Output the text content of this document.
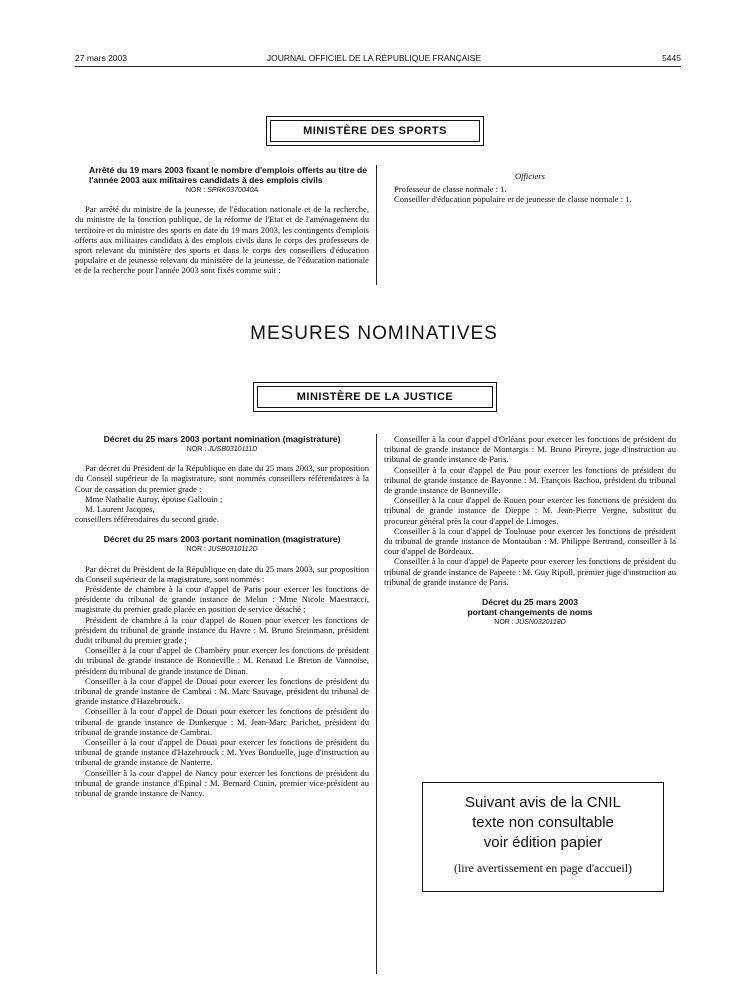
27 mars 2003	JOURNAL OFFICIEL DE LA RÉPUBLIQUE FRANÇAISE	5445
MINISTÈRE DES SPORTS
Arrêté du 19 mars 2003 fixant le nombre d'emplois offerts au titre de l'année 2003 aux militaires candidats à des emplois civils
NOR : SPRK0370040A

Par arrêté du ministre de la jeunesse, de l'éducation nationale et de la recherche, du ministre de la fonction publique, de la réforme de l'Etat et de l'aménagement du territoire et du ministre des sports en date du 19 mars 2003, les contingents d'emplois offerts aux militaires candidats à des emplois civils dans le corps des professeurs de sport relevant du ministère des sports et dans le corps des conseillers d'éducation populaire et de jeunesse relevant du ministère de la jeunesse, de l'éducation nationale et de la recherche pour l'année 2003 sont fixés comme suit :

Officiers

Professeur de classe normale : 1.

Conseiller d'éducation populaire et de jeunesse de classe normale : 1.

MESURES NOMINATIVES
MINISTÈRE DE LA JUSTICE
Décret du 25 mars 2003 portant nomination (magistrature)
NOR : JUSB0310111D

Par décret du Président de la République en date du 25 mars 2003, sur proposition du Conseil supérieur de la magistrature, sont nommés conseillers référendaires à la Cour de cassation du premier grade :

Mme Nathalie Auroy, épouse Gallouin ;

M. Laurent Jacques,

conseillers référendaires du second grade.

Décret du 25 mars 2003 portant nomination (magistrature)
NOR : JUSB0310112D

Par décret du Président de la République en date du 25 mars 2003, sur proposition du Conseil supérieur de la magistrature, sont nommés :

Présidente de chambre à la cour d'appel de Paris pour exercer les fonctions de présidente du tribunal de grande instance de Melun : Mme Nicole Maestracci, magistrate du premier grade placée en position de service détaché ;

Président de chambre à la cour d'appel de Rouen pour exercer les fonctions de président du tribunal de grande instance du Havre : M. Bruno Steinmann, président dudit tribunal du premier grade ;

Conseiller à la cour d'appel de Chambéry pour exercer les fonctions de président du tribunal de grande instance de Bonneville : M. Renaud Le Breton de Vannoise, président du tribunal de grande instance de Dinan.

Conseiller à la cour d'appel de Douai pour exercer les fonctions de président du tribunal de grande instance de Cambrai : M. Marc Sauvage, président du tribunal de grande instance d'Hazebrouck.

Conseiller à la cour d'appel de Douai pour exercer les fonctions de président du tribunal de grande instance de Dunkerque : M. Jean-Marc Parichet, président du tribunal de grande instance de Cambrai.

Conseiller à la cour d'appel de Douai pour exercer les fonctions de président du tribunal de grande instance d'Hazebrouck : M. Yves Bonduelle, juge d'instruction au tribunal de grande instance de Nanterre.

Conseiller à la cour d'appel de Nancy pour exercer les fonctions de président du tribunal de grande instance d'Epinal : M. Bernard Cunin, premier vice-président au tribunal de grande instance de Nancy.

Conseiller à la cour d'appel d'Orléans pour exercer les fonctions de président du tribunal de grande instance de Montargis : M. Bruno Pireyre, juge d'instruction au tribunal de grande instance de Paris.

Conseiller à la cour d'appel de Pau pour exercer les fonctions de président du tribunal de grande instance de Bayonne : M. François Rachou, président du tribunal de grande instance de Bonneville.

Conseiller à la cour d'appel de Rouen pour exercer les fonctions de président du tribunal de grande instance de Dieppe : M. Jean-Pierre Vergne, substitut du procureur général près la cour d'appel de Limoges.

Conseiller à la cour d'appel de Toulouse pour exercer les fonctions de président du tribunal de grande instance de Montauban : M. Philippe Bertrand, conseiller à la cour d'appel de Bordeaux.

Conseiller à la cour d'appel de Papeete pour exercer les fonctions de président du tribunal de grande instance de Papeete : M. Guy Ripoll, premier juge d'instruction au tribunal de grande instance de Paris.

Décret du 25 mars 2003
portant changements de noms
NOR : JUSN0320118D
Suivant avis de la CNIL
texte non consultable
voir édition papier
(lire avertissement en page d'accueil)
